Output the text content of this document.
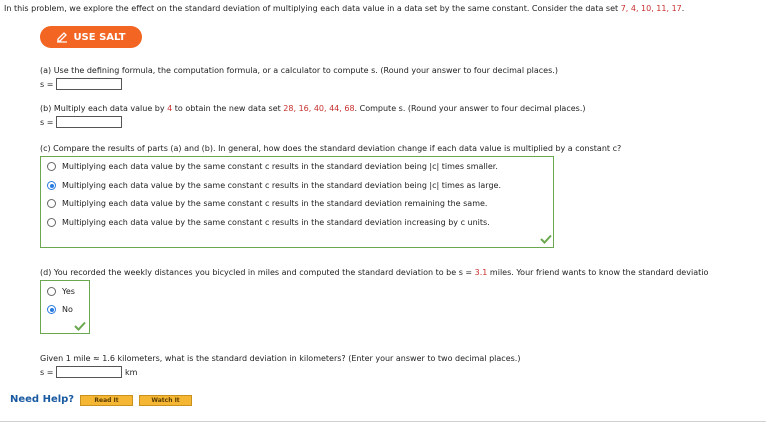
In this problem, we explore the effect on the standard deviation of multiplying each data value in a data set by the same constant. Consider the data set 7, 4, 10, 11, 17.
USE SALT
(a) Use the defining formula, the computation formula, or a calculator to compute s. (Round your answer to four decimal places.)
s =
(b) Multiply each data value by 4 to obtain the new data set 28, 16, 40, 44, 68. Compute s. (Round your answer to four decimal places.)
s =
(c) Compare the results of parts (a) and (b). In general, how does the standard deviation change if each data value is multiplied by a constant c?
Multiplying each data value by the same constant c results in the standard deviation being |c| times smaller.
Multiplying each data value by the same constant c results in the standard deviation being |c| times as large.
Multiplying each data value by the same constant c results in the standard deviation remaining the same.
Multiplying each data value by the same constant c results in the standard deviation increasing by c units.
(d) You recorded the weekly distances you bicycled in miles and computed the standard deviation to be s = 3.1 miles. Your friend wants to know the standard deviatio
Yes
No
Given 1 mile ≈ 1.6 kilometers, what is the standard deviation in kilometers? (Enter your answer to two decimal places.)
s =	km
Need Help?	Read It	Watch It
